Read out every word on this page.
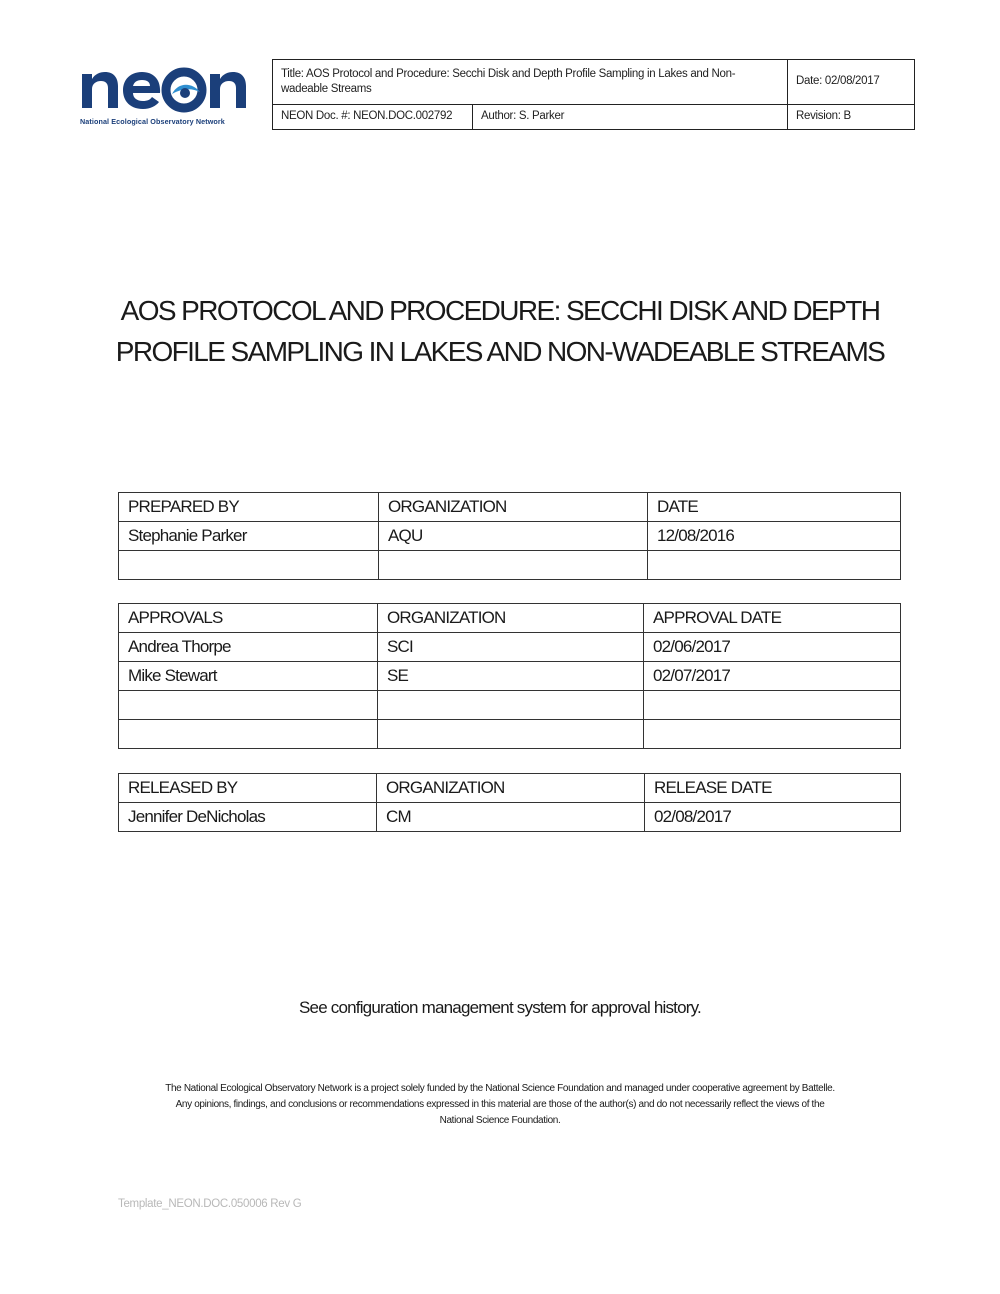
National Ecological Observatory Network
Title: AOS Protocol and Procedure: Secchi Disk and Depth Profile Sampling in Lakes and Non-wadeable Streams		Date: 02/08/2017
NEON Doc. #: NEON.DOC.002792	Author: S. Parker	Revision: B
AOS PROTOCOL AND PROCEDURE: SECCHI DISK AND DEPTH
PROFILE SAMPLING IN LAKES AND NON-WADEABLE STREAMS
PREPARED BY	ORGANIZATION	DATE
Stephanie Parker	AQU	12/08/2016

APPROVALS	ORGANIZATION	APPROVAL DATE
Andrea Thorpe	SCI	02/06/2017
Mike Stewart	SE	02/07/2017

RELEASED BY	ORGANIZATION	RELEASE DATE
Jennifer DeNicholas	CM	02/08/2017
See configuration management system for approval history.
The National Ecological Observatory Network is a project solely funded by the National Science Foundation and managed under cooperative agreement by Battelle.
Any opinions, findings, and conclusions or recommendations expressed in this material are those of the author(s) and do not necessarily reflect the views of the
National Science Foundation.
Template_NEON.DOC.050006 Rev G
